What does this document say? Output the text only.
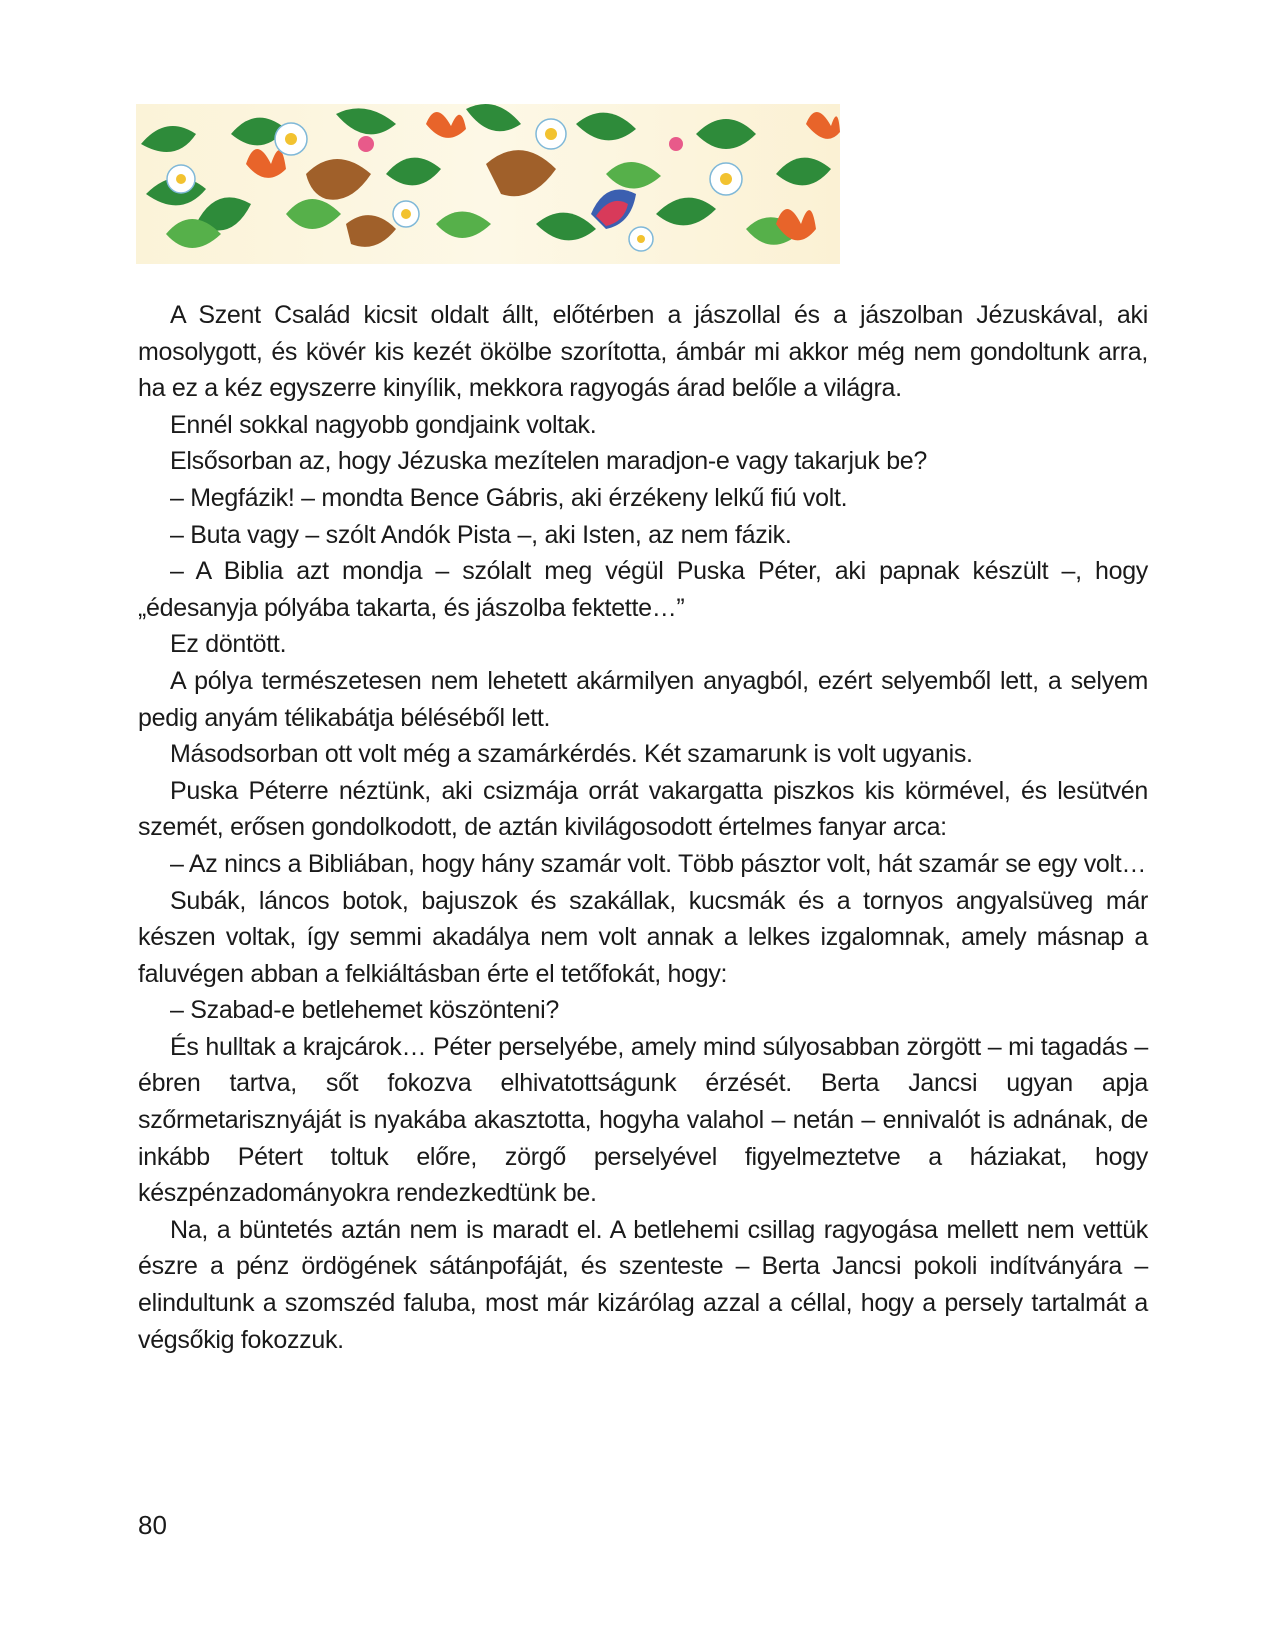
A Szent Család kicsit oldalt állt, előtérben a jászollal és a jászolban Jézuskával, aki mosolygott, és kövér kis kezét ökölbe szorította, ámbár mi akkor még nem gondoltunk arra, ha ez a kéz egyszerre kinyílik, mekkora ragyogás árad belőle a világra.

Ennél sokkal nagyobb gondjaink voltak.

Elsősorban az, hogy Jézuska mezítelen maradjon-e vagy takarjuk be?

– Megfázik! – mondta Bence Gábris, aki érzékeny lelkű fiú volt.

– Buta vagy – szólt Andók Pista –, aki Isten, az nem fázik.

– A Biblia azt mondja – szólalt meg végül Puska Péter, aki papnak készült –, hogy „édesanyja pólyába takarta, és jászolba fektette…”

Ez döntött.

A pólya természetesen nem lehetett akármilyen anyagból, ezért selyemből lett, a selyem pedig anyám télikabátja béléséből lett.

Másodsorban ott volt még a szamárkérdés. Két szamarunk is volt ugyanis.

Puska Péterre néztünk, aki csizmája orrát vakargatta piszkos kis körmével, és lesütvén szemét, erősen gondolkodott, de aztán kivilágosodott értelmes fanyar arca:

– Az nincs a Bibliában, hogy hány szamár volt. Több pásztor volt, hát szamár se egy volt…

Subák, láncos botok, bajuszok és szakállak, kucsmák és a tornyos angyalsüveg már készen voltak, így semmi akadálya nem volt annak a lelkes izgalomnak, amely másnap a faluvégen abban a felkiáltásban érte el tetőfokát, hogy:

– Szabad-e betlehemet köszönteni?

És hulltak a krajcárok… Péter perselyébe, amely mind súlyosabban zörgött – mi tagadás – ébren tartva, sőt fokozva elhivatottságunk érzését. Berta Jancsi ugyan apja szőrmetarisznyáját is nyakába akasztotta, hogyha valahol – netán – ennivalót is adnának, de inkább Pétert toltuk előre, zörgő perselyével figyelmeztetve a háziakat, hogy készpénzadományokra rendezkedtünk be.

Na, a büntetés aztán nem is maradt el. A betlehemi csillag ragyogása mellett nem vettük észre a pénz ördögének sátánpofáját, és szenteste – Berta Jancsi pokoli indítványára – elindultunk a szomszéd faluba, most már kizárólag azzal a céllal, hogy a persely tartalmát a végsőkig fokozzuk.

80
